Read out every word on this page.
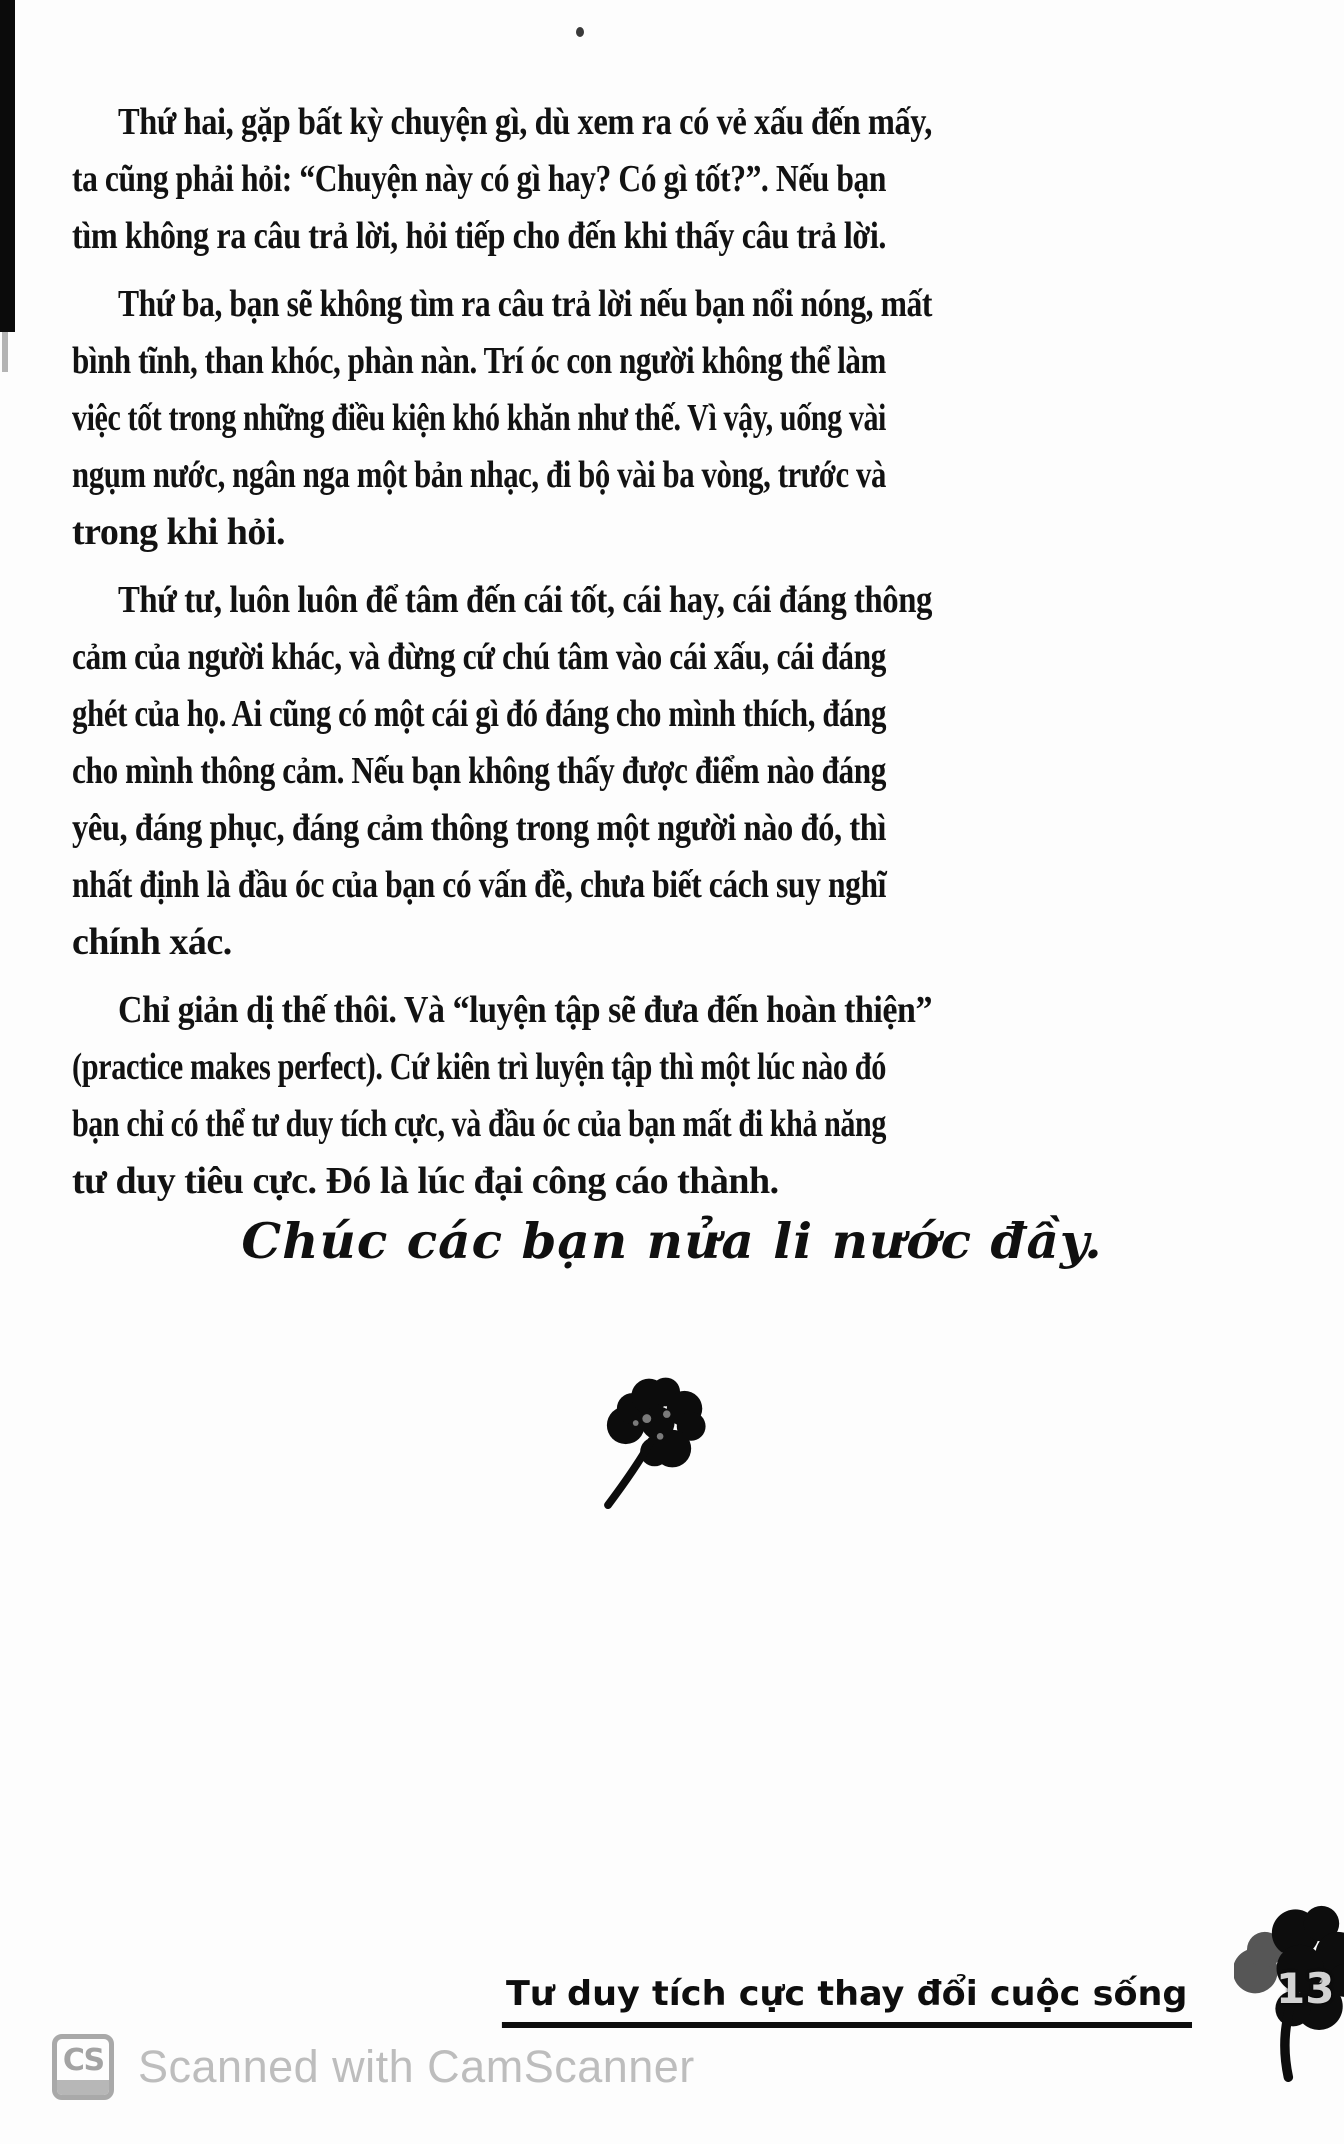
Thứ hai, gặp bất kỳ chuyện gì, dù xem ra có vẻ xấu đến mấy,
ta cũng phải hỏi: “Chuyện này có gì hay? Có gì tốt?”. Nếu bạn
tìm không ra câu trả lời, hỏi tiếp cho đến khi thấy câu trả lời.
Thứ ba, bạn sẽ không tìm ra câu trả lời nếu bạn nổi nóng, mất
bình tĩnh, than khóc, phàn nàn. Trí óc con người không thể làm
việc tốt trong những điều kiện khó khăn như thế. Vì vậy, uống vài
ngụm nước, ngân nga một bản nhạc, đi bộ vài ba vòng, trước và
trong khi hỏi.
Thứ tư, luôn luôn để tâm đến cái tốt, cái hay, cái đáng thông
cảm của người khác, và đừng cứ chú tâm vào cái xấu, cái đáng
ghét của họ. Ai cũng có một cái gì đó đáng cho mình thích, đáng
cho mình thông cảm. Nếu bạn không thấy được điểm nào đáng
yêu, đáng phục, đáng cảm thông trong một người nào đó, thì
nhất định là đầu óc của bạn có vấn đề, chưa biết cách suy nghĩ
chính xác.
Chỉ giản dị thế thôi. Và “luyện tập sẽ đưa đến hoàn thiện”
(practice makes perfect). Cứ kiên trì luyện tập thì một lúc nào đó
bạn chỉ có thể tư duy tích cực, và đầu óc của bạn mất đi khả năng
tư duy tiêu cực. Đó là lúc đại công cáo thành.
Chúc các bạn nửa li nước đầy.
Tư duy tích cực thay đổi cuộc sống 13
CS Scanned with CamScanner
